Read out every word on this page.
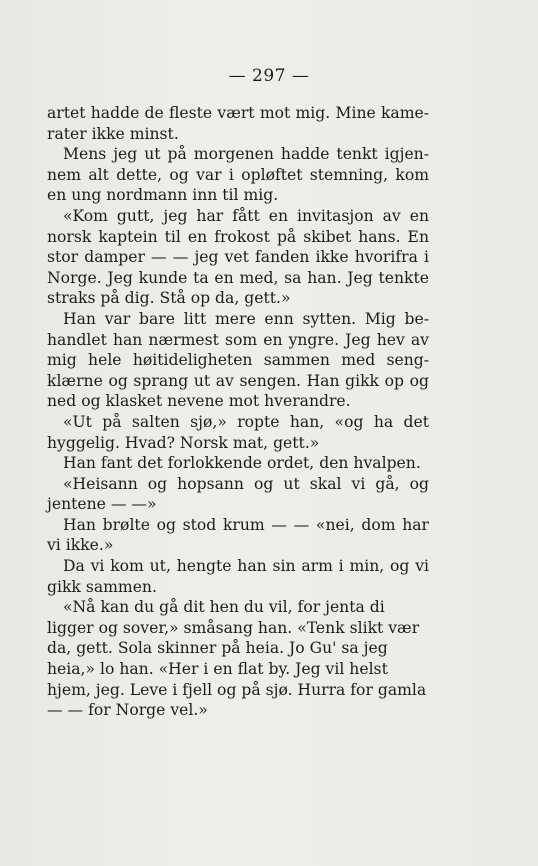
— 297 —

artet hadde de fleste vært mot mig. Mine kame-rater ikke minst.

Mens jeg ut på morgenen hadde tenkt igjen-nem alt dette, og var i opløftet stemning, kom en ung nordmann inn til mig.

«Kom gutt, jeg har fått en invitasjon av en norsk kaptein til en frokost på skibet hans. En stor damper — — jeg vet fanden ikke hvorifra i Norge. Jeg kunde ta en med, sa han. Jeg tenkte straks på dig. Stå op da, gett.»

Han var bare litt mere enn sytten. Mig be-handlet han nærmest som en yngre. Jeg hev av mig hele høitideligheten sammen med seng-klærne og sprang ut av sengen. Han gikk op og ned og klasket nevene mot hverandre.

«Ut på salten sjø,» ropte han, «og ha det hyggelig. Hvad? Norsk mat, gett.»

Han fant det forlokkende ordet, den hvalpen.

«Heisann og hopsann og ut skal vi gå, og jentene — —»

Han brølte og stod krum — — «nei, dom har vi ikke.»

Da vi kom ut, hengte han sin arm i min, og vi gikk sammen.

«Nå kan du gå dit hen du vil, for jenta di ligger og sover,» småsang han. «Tenk slikt vær da, gett. Sola skinner på heia. Jo Gu' sa jeg heia,» lo han. «Her i en flat by. Jeg vil helst hjem, jeg. Leve i fjell og på sjø. Hurra for gamla — — for Norge vel.»
